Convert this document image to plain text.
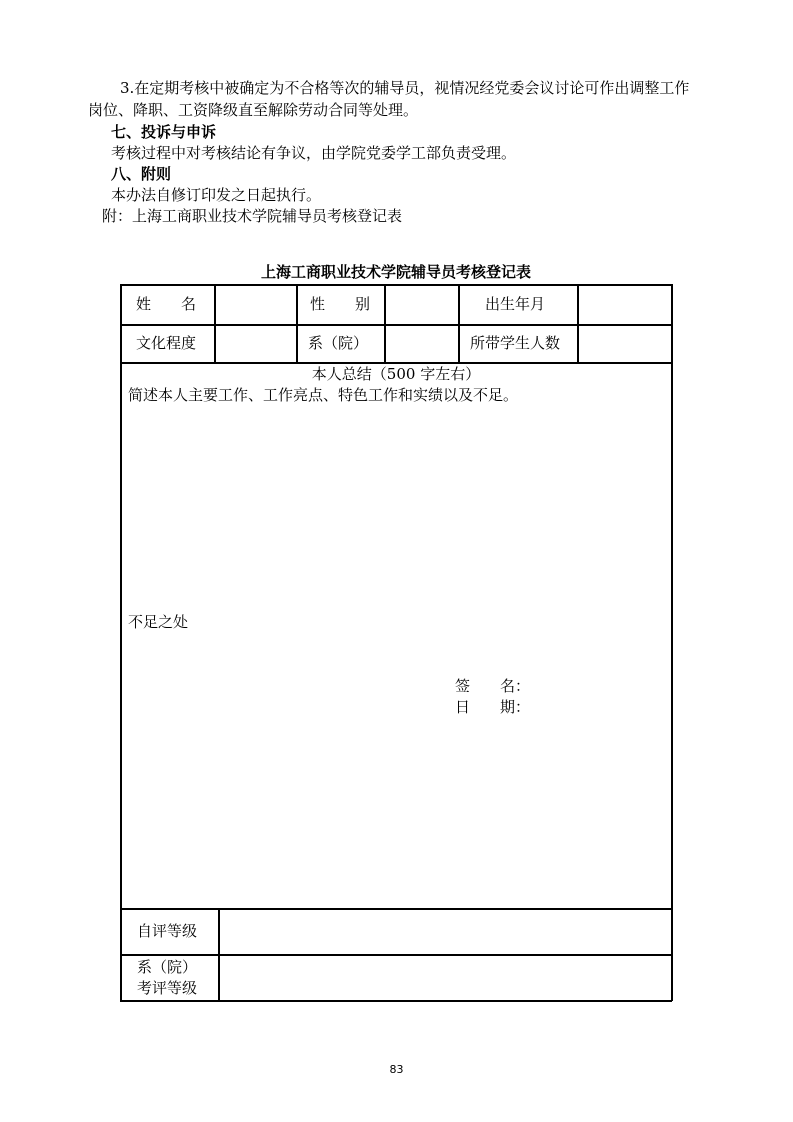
3.在定期考核中被确定为不合格等次的辅导员，视情况经党委会议讨论可作出调整工作
岗位、降职、工资降级直至解除劳动合同等处理。
七、投诉与申诉
考核过程中对考核结论有争议，由学院党委学工部负责受理。
八、附则
本办法自修订印发之日起执行。
附：上海工商职业技术学院辅导员考核登记表
上海工商职业技术学院辅导员考核登记表
姓　　名	性　　别	出生年月
文化程度	系（院）	所带学生人数
本人总结（500 字左右）
简述本人主要工作、工作亮点、特色工作和实绩以及不足。
不足之处
签　　名：
日　　期：
自评等级
系（院）
考评等级
83
